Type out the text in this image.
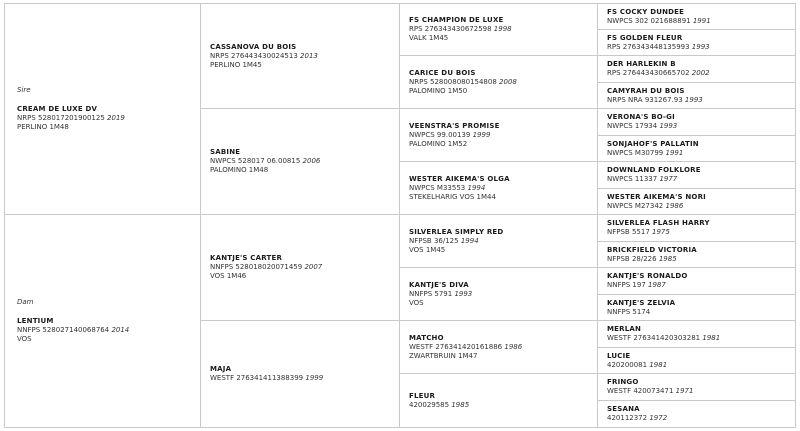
Sire
CREAM DE LUXE DV
NRPS 528017201900125 2019
PERLINO 1M48
Dam
LENTIUM
NNFPS 528027140068764 2014
VOS
CASSANOVA DU BOIS
NRPS 276443430024513 2013
PERLINO 1M45
SABINE
NWPCS 528017 06.00815 2006
PALOMINO 1M48
KANTJE'S CARTER
NNFPS 528018020071459 2007
VOS 1M46
MAJA
WESTF 276341411388399 1999
FS CHAMPION DE LUXE
RPS 276343430672598 1998
VALK 1M45
CARICE DU BOIS
NRPS 528008080154808 2008
PALOMINO 1M50
VEENSTRA'S PROMISE
NWPCS 99.00139 1999
PALOMINO 1M52
WESTER AIKEMA'S OLGA
NWPCS M33553 1994
STEKELHARIG VOS 1M44
SILVERLEA SIMPLY RED
NFPSB 36/125 1994
VOS 1M45
KANTJE'S DIVA
NNFPS 5791 1993
VOS
MATCHO
WESTF 276341420161886 1986
ZWARTBRUIN 1M47
FLEUR
420029585 1985
FS COCKY DUNDEE
NWPCS 302 021688891 1991
FS GOLDEN FLEUR
RPS 276343448135993 1993
DER HARLEKIN B
RPS 276443430665702 2002
CAMYRAH DU BOIS
NRPS NRA 931267.93 1993
VERONA'S BO-GI
NWPCS 17934 1993
SONJAHOF'S PALLATIN
NWPCS M30799 1991
DOWNLAND FOLKLORE
NWPCS 11337 1977
WESTER AIKEMA'S NORI
NWPCS M27342 1986
SILVERLEA FLASH HARRY
NFPSB 5517 1975
BRICKFIELD VICTORIA
NFPSB 28/226 1985
KANTJE'S RONALDO
NNFPS 197 1987
KANTJE'S ZELVIA
NNFPS 5174
MERLAN
WESTF 276341420303281 1981
LUCIE
420200081 1981
FRINGO
WESTF 420073471 1971
SESANA
420112372 1972
